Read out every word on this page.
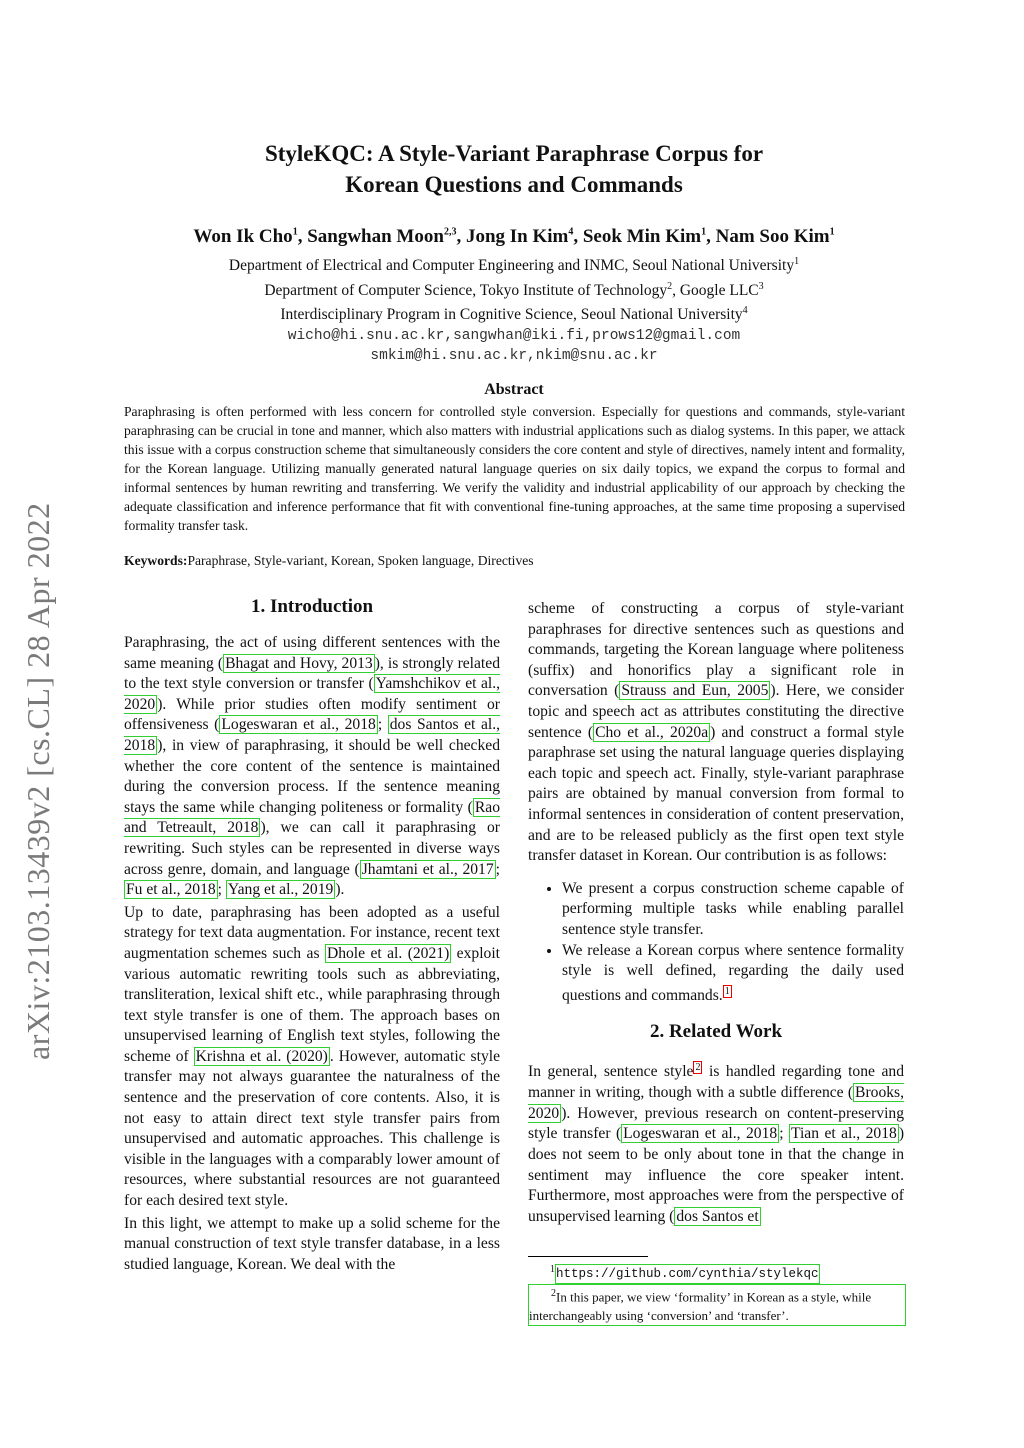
arXiv:2103.13439v2 [cs.CL] 28 Apr 2022
StyleKQC: A Style-Variant Paraphrase Corpus for
Korean Questions and Commands
Won Ik Cho$^1$, Sangwhan Moon$^{2,3}$, Jong In Kim$^4$, Seok Min Kim$^1$, Nam Soo Kim$^1$
Department of Electrical and Computer Engineering and INMC, Seoul National University$^1$
Department of Computer Science, Tokyo Institute of Technology$^2$, Google LLC$^3$
Interdisciplinary Program in Cognitive Science, Seoul National University$^4$
wicho@hi.snu.ac.kr,sangwhan@iki.fi,prows12@gmail.com
smkim@hi.snu.ac.kr,nkim@snu.ac.kr
Abstract
Paraphrasing is often performed with less concern for controlled style conversion. Especially for questions and commands, style-variant paraphrasing can be crucial in tone and manner, which also matters with industrial applications such as dialog systems. In this paper, we attack this issue with a corpus construction scheme that simultaneously considers the core content and style of directives, namely intent and formality, for the Korean language. Utilizing manually generated natural language queries on six daily topics, we expand the corpus to formal and informal sentences by human rewriting and transferring. We verify the validity and industrial applicability of our approach by checking the adequate classification and inference performance that fit with conventional fine-tuning approaches, at the same time proposing a supervised formality transfer task.
Keywords:Paraphrase, Style-variant, Korean, Spoken language, Directives
1. Introduction

Paraphrasing, the act of using different sentences with the same meaning ( Bhagat and Hovy, 2013 ), is strongly related to the text style conversion or transfer ( Yamshchikov et al., 2020 ). While prior studies often modify sentiment or offensiveness ( Logeswaran et al., 2018 ; dos Santos et al., 2018 ), in view of paraphrasing, it should be well checked whether the core content of the sentence is maintained during the conversion process. If the sentence meaning stays the same while changing politeness or formality ( Rao and Tetreault, 2018 ), we can call it paraphrasing or rewriting. Such styles can be represented in diverse ways across genre, domain, and language ( Jhamtani et al., 2017 ; Fu et al., 2018 ; Yang et al., 2019 ).

Up to date, paraphrasing has been adopted as a useful strategy for text data augmentation. For instance, recent text augmentation schemes such as Dhole et al. (2021) exploit various automatic rewriting tools such as abbreviating, transliteration, lexical shift etc., while paraphrasing through text style transfer is one of them. The approach bases on unsupervised learning of English text styles, following the scheme of Krishna et al. (2020) . However, automatic style transfer may not always guarantee the naturalness of the sentence and the preservation of core contents. Also, it is not easy to attain direct text style transfer pairs from unsupervised and automatic approaches. This challenge is visible in the languages with a comparably lower amount of resources, where substantial resources are not guaranteed for each desired text style.

In this light, we attempt to make up a solid scheme for the manual construction of text style transfer database, in a less studied language, Korean. We deal with the

scheme of constructing a corpus of style-variant paraphrases for directive sentences such as questions and commands, targeting the Korean language where politeness (suffix) and honorifics play a significant role in conversation ( Strauss and Eun, 2005 ). Here, we consider topic and speech act as attributes constituting the directive sentence ( Cho et al., 2020a ) and construct a formal style paraphrase set using the natural language queries displaying each topic and speech act. Finally, style-variant paraphrase pairs are obtained by manual conversion from formal to informal sentences in consideration of content preservation, and are to be released publicly as the first open text style transfer dataset in Korean. Our contribution is as follows:

• We present a corpus construction scheme capable of performing multiple tasks while enabling parallel sentence style transfer.
• We release a Korean corpus where sentence formality style is well defined, regarding the daily used questions and commands. $^1$
2. Related Work

In general, sentence style $^2$ is handled regarding tone and manner in writing, though with a subtle difference ( Brooks, 2020 ). However, previous research on content-preserving style transfer ( Logeswaran et al., 2018 ; Tian et al., 2018 ) does not seem to be only about tone in that the change in sentiment may influence the core speaker intent. Furthermore, most approaches were from the perspective of unsupervised learning ( dos Santos et

$^1$https://github.com/cynthia/stylekqc
$^2$In this paper, we view ‘formality’ in Korean as a style, while interchangeably using ‘conversion’ and ‘transfer’.
